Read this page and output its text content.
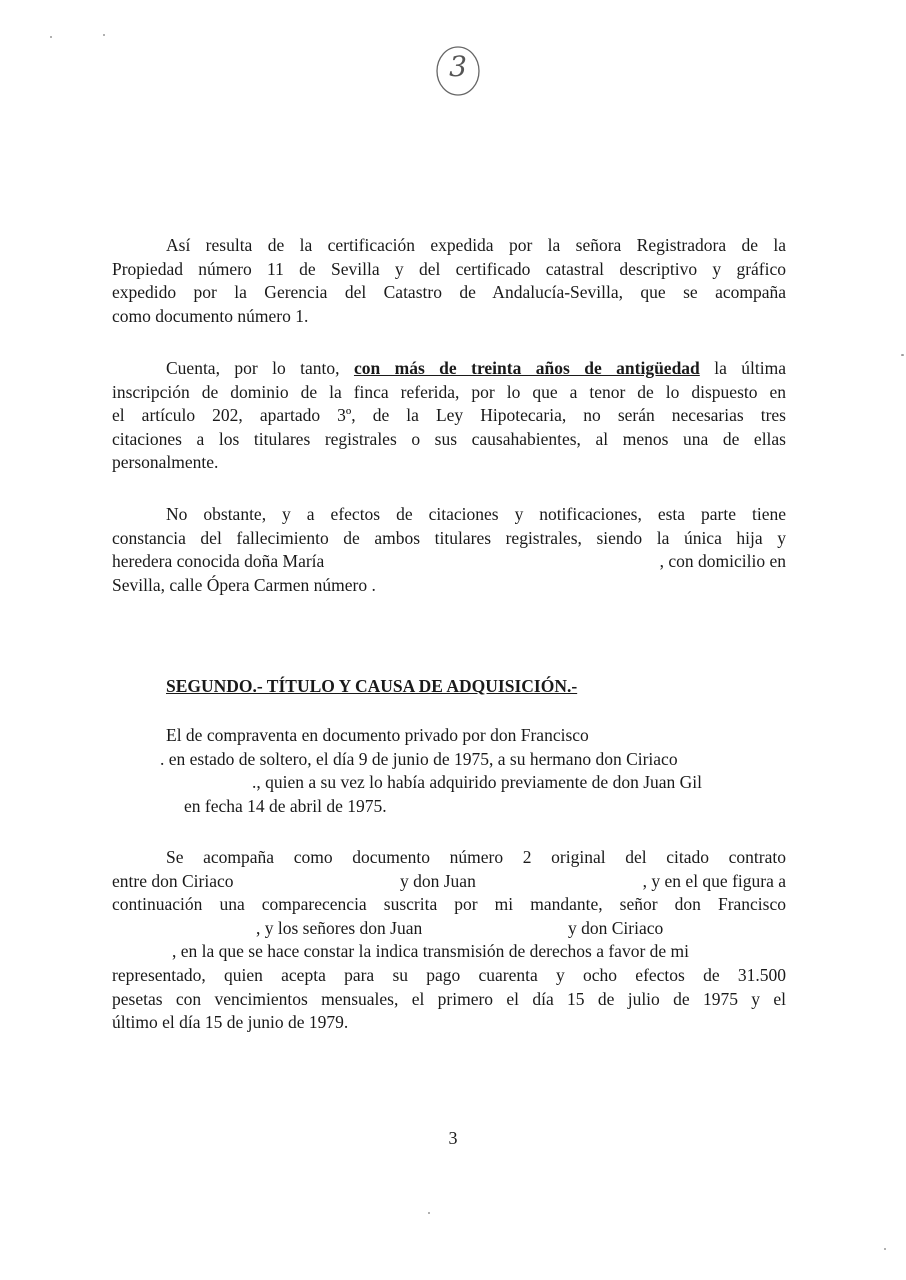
3
Así resulta de la certificación expedida por la señora Registradora de la
Propiedad número 11 de Sevilla y del certificado catastral descriptivo y gráfico
expedido por la Gerencia del Catastro de Andalucía-Sevilla, que se acompaña
como documento número 1.
Cuenta, por lo tanto, con más de treinta años de antigüedad la última
inscripción de dominio de la finca referida, por lo que a tenor de lo dispuesto en
el artículo 202, apartado 3º, de la Ley Hipotecaria, no serán necesarias tres
citaciones a los titulares registrales o sus causahabientes, al menos una de ellas
personalmente.
No obstante, y a efectos de citaciones y notificaciones, esta parte tiene
constancia del fallecimiento de ambos titulares registrales, siendo la única hija y
heredera conocida doña María	, con domicilio en
Sevilla, calle Ópera Carmen número .
SEGUNDO.- TÍTULO Y CAUSA DE ADQUISICIÓN.-
El de compraventa en documento privado por don Francisco
. en estado de soltero, el día 9 de junio de 1975, a su hermano don Ciriaco
., quien a su vez lo había adquirido previamente de don Juan Gil
en fecha 14 de abril de 1975.
Se acompaña como documento número 2 original del citado contrato
entre don Ciriaco	y don Juan	, y en el que figura a
continuación una comparecencia suscrita por mi mandante, señor don Francisco
, y los señores don Juan	y don Ciriaco
, en la que se hace constar la indica transmisión de derechos a favor de mi
representado, quien acepta para su pago cuarenta y ocho efectos de 31.500
pesetas con vencimientos mensuales, el primero el día 15 de julio de 1975 y el
último el día 15 de junio de 1979.
3
